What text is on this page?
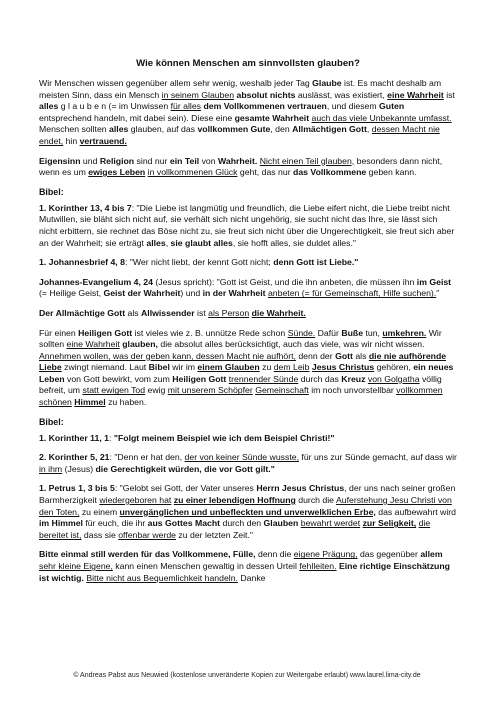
Wie können Menschen am sinnvollsten glauben?

Wir Menschen wissen gegenüber allem sehr wenig, weshalb jeder Tag Glaube ist. Es macht deshalb am meisten Sinn, dass ein Mensch in seinem Glauben absolut nichts auslässt, was existiert, eine Wahrheit ist alles g l a u b e n (= im Unwissen für alles dem Vollkommenen vertrauen, und diesem Guten entsprechend handeln, mit dabei sein). Diese eine gesamte Wahrheit auch das viele Unbekannte umfasst. Menschen sollten alles glauben, auf das vollkommen Gute, den Allmächtigen Gott, dessen Macht nie endet, hin vertrauend.

Eigensinn und Religion sind nur ein Teil von Wahrheit. Nicht einen Teil glauben, besonders dann nicht, wenn es um ewiges Leben in vollkommenen Glück geht, das nur das Vollkommene geben kann.

Bibel:

1. Korinther 13, 4 bis 7: "Die Liebe ist langmütig und freundlich, die Liebe eifert nicht, die Liebe treibt nicht Mutwillen, sie bläht sich nicht auf, sie verhält sich nicht ungehörig, sie sucht nicht das Ihre, sie lässt sich nicht erbittern, sie rechnet das Böse nicht zu, sie freut sich nicht über die Ungerechtigkeit, sie freut sich aber an der Wahrheit; sie erträgt alles, sie glaubt alles, sie hofft alles, sie duldet alles."

1. Johannesbrief 4, 8: "Wer nicht liebt, der kennt Gott nicht; denn Gott ist Liebe."

Johannes-Evangelium 4, 24 (Jesus spricht): "Gott ist Geist, und die ihn anbeten, die müssen ihn im Geist (= Heilige Geist, Geist der Wahrheit) und in der Wahrheit anbeten (= für Gemeinschaft, Hilfe suchen)."

Der Allmächtige Gott als Allwissender ist als Person die Wahrheit.

Für einen Heiligen Gott ist vieles wie z. B. unnütze Rede schon Sünde. Dafür Buße tun, umkehren. Wir sollten eine Wahrheit glauben, die absolut alles berücksichtigt, auch das viele, was wir nicht wissen. Annehmen wollen, was der geben kann, dessen Macht nie aufhört, denn der Gott als die nie aufhörende Liebe zwingt niemand. Laut Bibel wir im einem Glauben zu dem Leib Jesus Christus gehören, ein neues Leben von Gott bewirkt, vom zum Heiligen Gott trennender Sünde durch das Kreuz von Golgatha völlig befreit, um statt ewigen Tod ewig mit unserem Schöpfer Gemeinschaft im noch unvorstellbar vollkommen schönen Himmel zu haben.

Bibel:

1. Korinther 11, 1: "Folgt meinem Beispiel wie ich dem Beispiel Christi!"

2. Korinther 5, 21: "Denn er hat den, der von keiner Sünde wusste, für uns zur Sünde gemacht, auf dass wir in ihm (Jesus) die Gerechtigkeit würden, die vor Gott gilt."

1. Petrus 1, 3 bis 5: "Gelobt sei Gott, der Vater unseres Herrn Jesus Christus, der uns nach seiner großen Barmherzigkeit wiedergeboren hat zu einer lebendigen Hoffnung durch die Auferstehung Jesu Christi von den Toten, zu einem unvergänglichen und unbefleckten und unverwelklichen Erbe, das aufbewahrt wird im Himmel für euch, die ihr aus Gottes Macht durch den Glauben bewahrt werdet zur Seligkeit, die bereitet ist, dass sie offenbar werde zu der letzten Zeit."

Bitte einmal still werden für das Vollkommene, Fülle, denn die eigene Prägung, das gegenüber allem sehr kleine Eigene, kann einen Menschen gewaltig in dessen Urteil fehlleiten. Eine richtige Einschätzung ist wichtig. Bitte nicht aus Bequemlichkeit handeln. Danke

© Andreas Pabst aus Neuwied (kostenlose unveränderte Kopien zur Weitergabe erlaubt) www.laurel.lima-city.de
